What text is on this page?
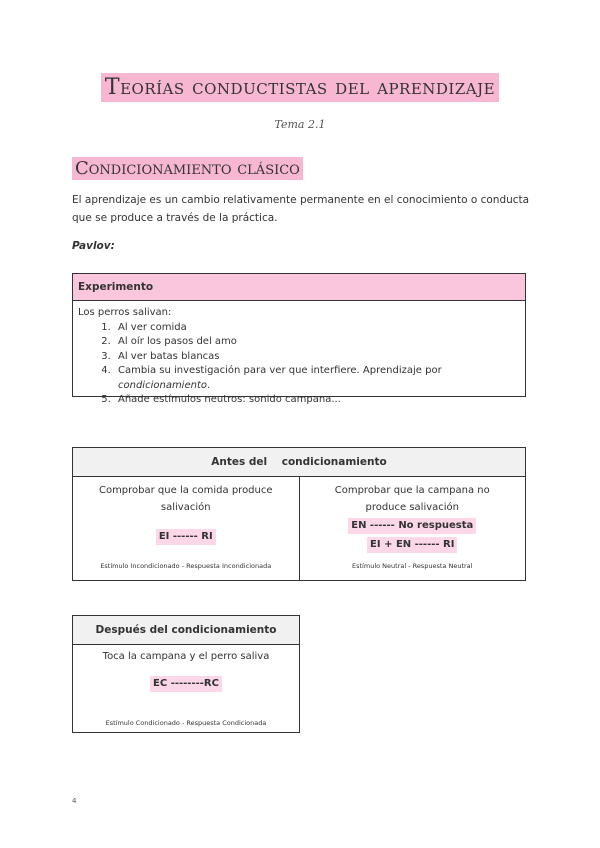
Teorías conductistas del aprendizaje
Tema 2.1
Condicionamiento clásico
El aprendizaje es un cambio relativamente permanente en el conocimiento o conducta que se produce a través de la práctica.
Pavlov:
Experimento
Los perros salivan:
1. Al ver comida
2. Al oír los pasos del amo
3. Al ver batas blancas
4. Cambia su investigación para ver que interfiere. Aprendizaje por condicionamiento.
5. Añade estímulos neutros: sonido campana...
Antes del    condicionamiento
Comprobar que la comida produce salivación
EI ------ RI
Estímulo Incondicionado - Respuesta Incondicionada
Comprobar que la campana no produce salivación
EN ------ No respuesta
EI + EN ------ RI
Estímulo Neutral - Respuesta Neutral
Después del condicionamiento
Toca la campana y el perro saliva
EC --------RC
Estímulo Condicionado - Respuesta Condicionada
4
